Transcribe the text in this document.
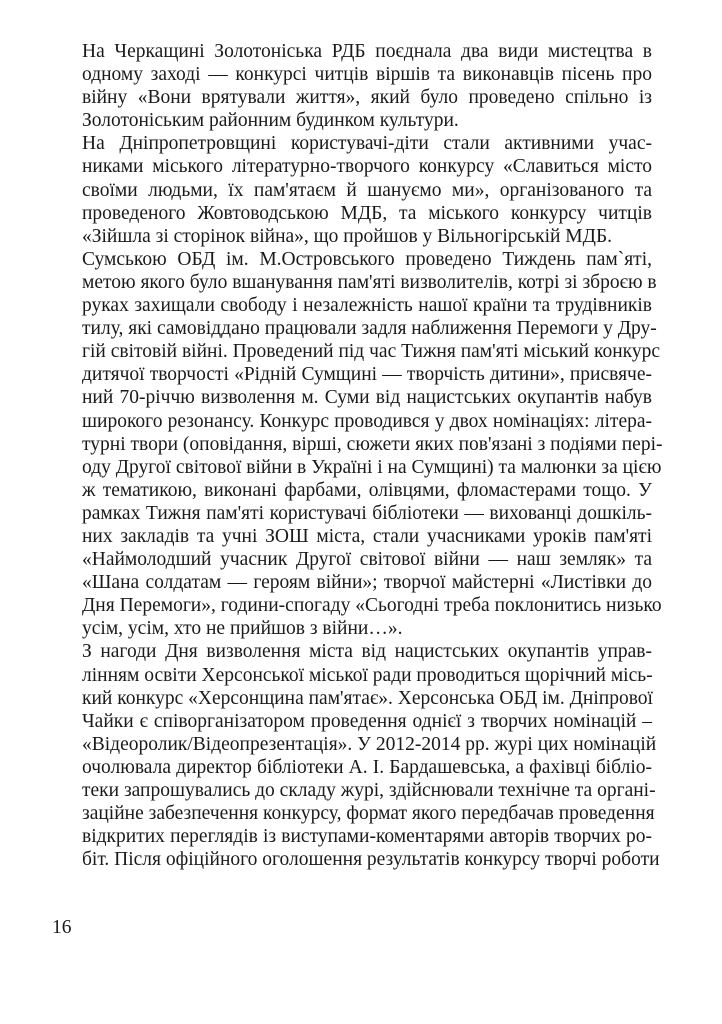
На Черкащині Золотоніська РДБ поєднала два види мистецтва в
одному заході — конкурсі читців віршів та виконавців пісень про
війну «Вони врятували життя», який було проведено спільно із
Золотоніським районним будинком культури.

На Дніпропетровщині користувачі-діти стали активними учас-
никами міського літературно-творчого конкурсу «Славиться місто
своїми людьми, їх пам'ятаєм й шануємо ми», організованого та
проведеного Жовтоводською МДБ, та міського конкурсу читців
«Зійшла зі сторінок війна», що пройшов у Вільногірській МДБ.

Сумською ОБД ім. М.Островського проведено Тиждень пам`яті,
метою якого було вшанування пам'яті визволителів, котрі зі зброєю в
руках захищали свободу і незалежність нашої країни та трудівників
тилу, які самовіддано працювали задля наближення Перемоги у Дру-
гій світовій війні. Проведений під час Тижня пам'яті міський конкурс
дитячої творчості «Рідній Сумщині — творчість дитини», присвяче-
ний 70-річчю визволення м. Суми від нацистських окупантів набув
широкого резонансу. Конкурс проводився у двох номінаціях: літера-
турні твори (оповідання, вірші, сюжети яких пов'язані з подіями пері-
оду Другої світової війни в Україні і на Сумщині) та малюнки за цією
ж тематикою, виконані фарбами, олівцями, фломастерами тощо. У
рамках Тижня пам'яті користувачі бібліотеки — вихованці дошкіль-
них закладів та учні ЗОШ міста, стали учасниками уроків пам'яті
«Наймолодший учасник Другої світової війни — наш земляк» та
«Шана солдатам — героям війни»; творчої майстерні «Листівки до
Дня Перемоги», години-спогаду «Сьогодні треба поклонитись низько
усім, усім, хто не прийшов з війни…».

З нагоди Дня визволення міста від нацистських окупантів управ-
лінням освіти Херсонської міської ради проводиться щорічний місь-
кий конкурс «Херсонщина пам'ятає». Херсонська ОБД ім. Дніпрової
Чайки є співорганізатором проведення однієї з творчих номінацій –
«Відеоролик/Відеопрезентація». У 2012-2014 рр. журі цих номінацій
очолювала директор бібліотеки А. І. Бардашевська, а фахівці бібліо-
теки запрошувались до складу журі, здійснювали технічне та органі-
заційне забезпечення конкурсу, формат якого передбачав проведення
відкритих переглядів із виступами-коментарями авторів творчих ро-
біт. Після офіційного оголошення результатів конкурсу творчі роботи

16
